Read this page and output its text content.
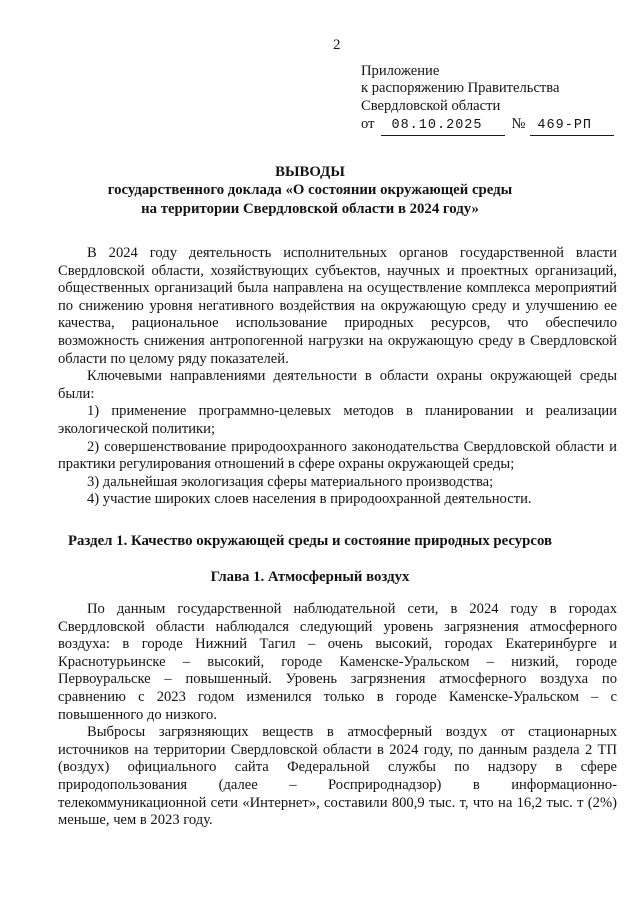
2
Приложение
к распоряжению Правительства
Свердловской области
от 08.10.2025 № 469-РП
ВЫВОДЫ
государственного доклада «О состоянии окружающей среды
на территории Свердловской области в 2024 году»

В 2024 году деятельность исполнительных органов государственной власти Свердловской области, хозяйствующих субъектов, научных и проектных организаций, общественных организаций была направлена на осуществление комплекса мероприятий по снижению уровня негативного воздействия на окружающую среду и улучшению ее качества, рациональное использование природных ресурсов, что обеспечило возможность снижения антропогенной нагрузки на окружающую среду в Свердловской области по целому ряду показателей.

Ключевыми направлениями деятельности в области охраны окружающей среды были:

1) применение программно-целевых методов в планировании и реализации экологической политики;

2) совершенствование природоохранного законодательства Свердловской области и практики регулирования отношений в сфере охраны окружающей среды;

3) дальнейшая экологизация сферы материального производства;

4) участие широких слоев населения в природоохранной деятельности.

Раздел 1. Качество окружающей среды и состояние природных ресурсов
Глава 1. Атмосферный воздух

По данным государственной наблюдательной сети, в 2024 году в городах Свердловской области наблюдался следующий уровень загрязнения атмосферного воздуха: в городе Нижний Тагил – очень высокий, городах Екатеринбурге и Краснотурьинске – высокий, городе Каменске-Уральском – низкий, городе Первоуральске – повышенный. Уровень загрязнения атмосферного воздуха по сравнению с 2023 годом изменился только в городе Каменске-Уральском – с повышенного до низкого.

Выбросы загрязняющих веществ в атмосферный воздух от стационарных источников на территории Свердловской области в 2024 году, по данным раздела 2 ТП (воздух) официального сайта Федеральной службы по надзору в сфере природопользования (далее – Росприроднадзор) в информационно-телекоммуникационной сети «Интернет», составили 800,9 тыс. т, что на 16,2 тыс. т (2%) меньше, чем в 2023 году.
